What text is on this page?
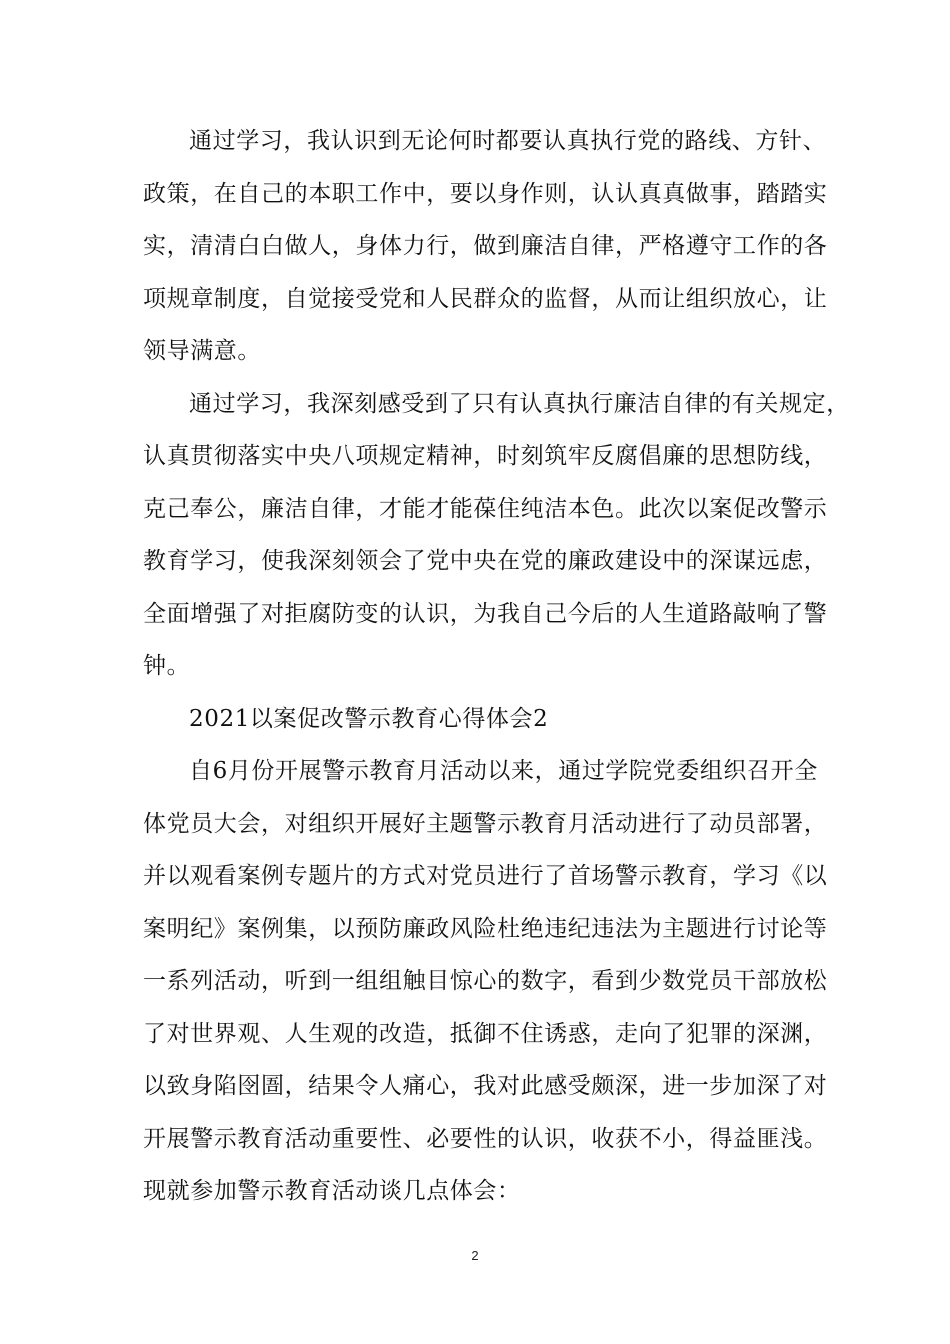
通过学习，我认识到无论何时都要认真执行党的路线、方针、
政策，在自己的本职工作中，要以身作则，认认真真做事，踏踏实
实，清清白白做人，身体力行，做到廉洁自律，严格遵守工作的各
项规章制度，自觉接受党和人民群众的监督，从而让组织放心，让
领导满意。
通过学习，我深刻感受到了只有认真执行廉洁自律的有关规定，
认真贯彻落实中央八项规定精神，时刻筑牢反腐倡廉的思想防线，
克己奉公，廉洁自律，才能才能葆住纯洁本色。此次以案促改警示
教育学习，使我深刻领会了党中央在党的廉政建设中的深谋远虑，
全面增强了对拒腐防变的认识，为我自己今后的人生道路敲响了警
钟。
2021以案促改警示教育心得体会2
自6月份开展警示教育月活动以来，通过学院党委组织召开全
体党员大会，对组织开展好主题警示教育月活动进行了动员部署，
并以观看案例专题片的方式对党员进行了首场警示教育，学习《以
案明纪》案例集，以预防廉政风险杜绝违纪违法为主题进行讨论等
一系列活动，听到一组组触目惊心的数字，看到少数党员干部放松
了对世界观、人生观的改造，抵御不住诱惑，走向了犯罪的深渊，
以致身陷囹圄，结果令人痛心，我对此感受颇深，进一步加深了对
开展警示教育活动重要性、必要性的认识，收获不小，得益匪浅。
现就参加警示教育活动谈几点体会：
2
